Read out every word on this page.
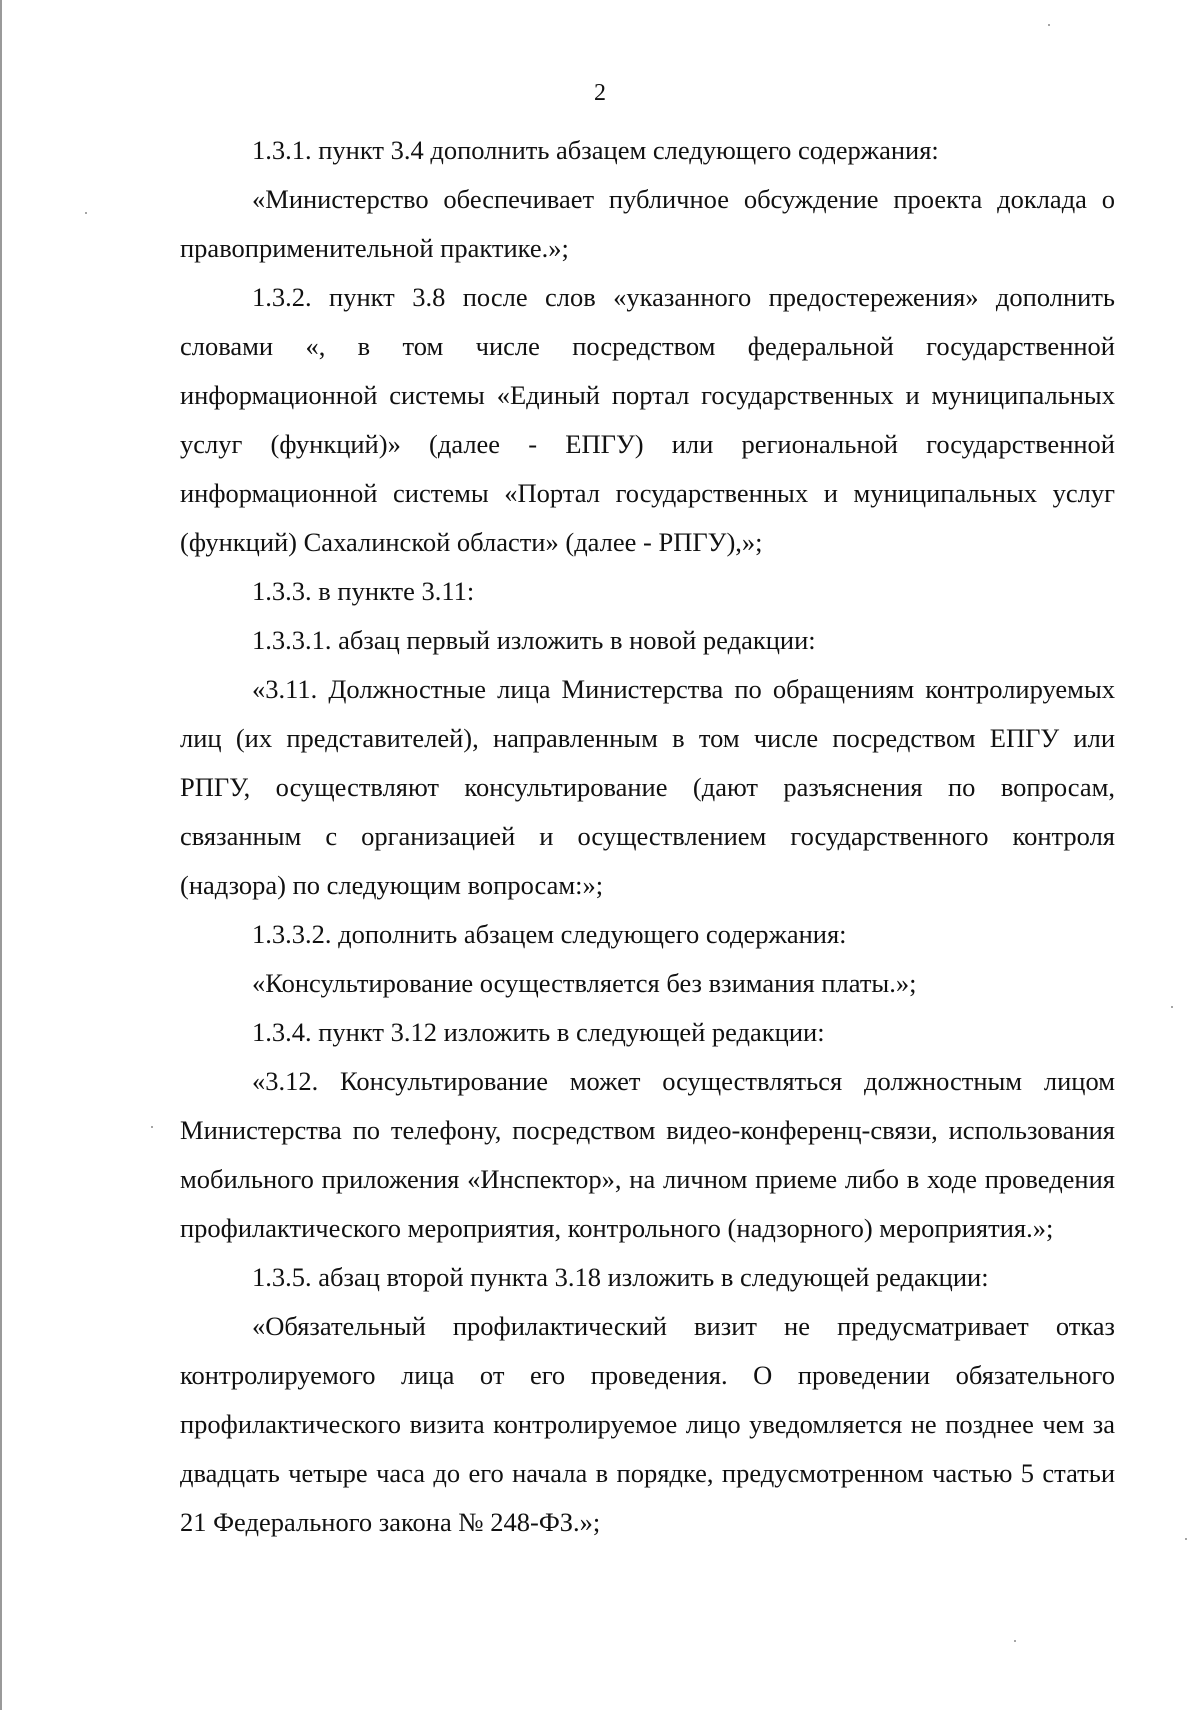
2

1.3.1. пункт 3.4 дополнить абзацем следующего содержания:

«Министерство обеспечивает публичное обсуждение проекта доклада о правоприменительной практике.»;

1.3.2. пункт 3.8 после слов «указанного предостережения» дополнить словами «, в том числе посредством федеральной государственной информационной системы «Единый портал государственных и муниципальных услуг (функций)» (далее - ЕПГУ) или региональной государственной информационной системы «Портал государственных и муниципальных услуг (функций) Сахалинской области» (далее - РПГУ),»;

1.3.3. в пункте 3.11:

1.3.3.1. абзац первый изложить в новой редакции:

«3.11. Должностные лица Министерства по обращениям контролируемых лиц (их представителей), направленным в том числе посредством ЕПГУ или РПГУ, осуществляют консультирование (дают разъяснения по вопросам, связанным с организацией и осуществлением государственного контроля (надзора) по следующим вопросам:»;

1.3.3.2. дополнить абзацем следующего содержания:

«Консультирование осуществляется без взимания платы.»;

1.3.4. пункт 3.12 изложить в следующей редакции:

«3.12. Консультирование может осуществляться должностным лицом Министерства по телефону, посредством видео-конференц-связи, использования мобильного приложения «Инспектор», на личном приеме либо в ходе проведения профилактического мероприятия, контрольного (надзорного) мероприятия.»;

1.3.5. абзац второй пункта 3.18 изложить в следующей редакции:

«Обязательный профилактический визит не предусматривает отказ контролируемого лица от его проведения. О проведении обязательного профилактического визита контролируемое лицо уведомляется не позднее чем за двадцать четыре часа до его начала в порядке, предусмотренном частью 5 статьи 21 Федерального закона № 248-ФЗ.»;
